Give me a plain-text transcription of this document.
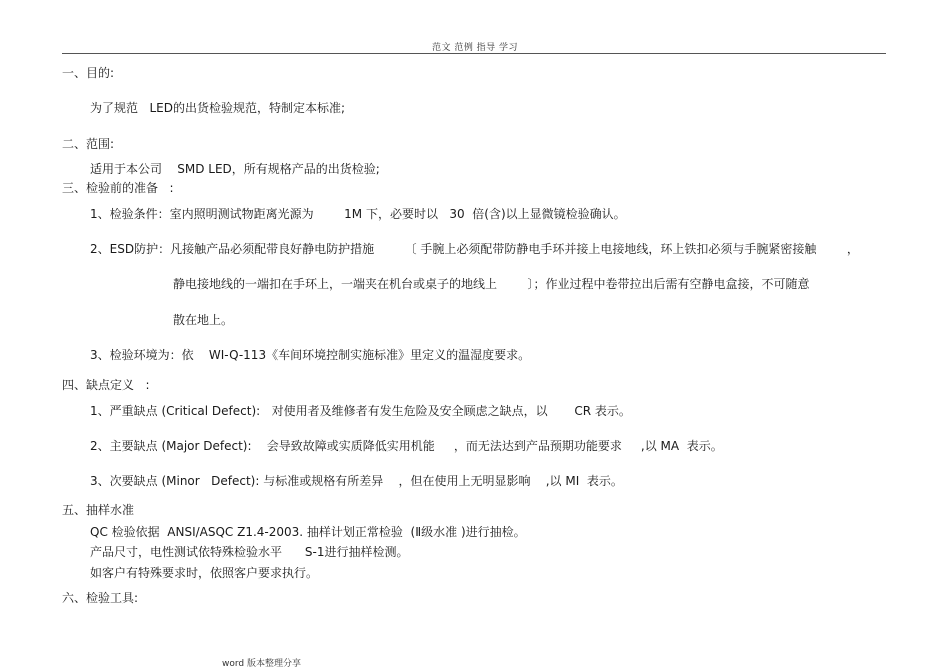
范文 范例 指导 学习
一、目的:
为了规范   LED的出货检验规范，特制定本标准;
二、范围:
适用于本公司    SMD LED，所有规格产品的出货检验;
三、检验前的准备   :
1、检验条件：室内照明测试物距离光源为        1M 下，必要时以   30  倍(含)以上显微镜检验确认。
2、ESD防护：凡接触产品必须配带良好静电防护措施        〔 手腕上必须配带防静电手环并接上电接地线，环上铁扣必须与手腕紧密接触        ，
静电接地线的一端扣在手环上，一端夹在机台或桌子的地线上        〕；作业过程中卷带拉出后需有空静电盒接，不可随意
散在地上。
3、检验环境为：依    WI-Q-113《车间环境控制实施标准》里定义的温湿度要求。
四、缺点定义   :
1、严重缺点 (Critical Defect):   对使用者及维修者有发生危险及安全顾虑之缺点，以       CR 表示。
2、主要缺点 (Major Defect):    会导致故障或实质降低实用机能     ，而无法达到产品预期功能要求     ,以 MA  表示。
3、次要缺点 (Minor   Defect): 与标准或规格有所差异    ，但在使用上无明显影响    ,以 MI  表示。
五、抽样水准
QC 检验依据  ANSI/ASQC Z1.4-2003. 抽样计划正常检验  (Ⅱ级水准 )进行抽检。
产品尺寸，电性测试依特殊检验水平      S-1进行抽样检测。
如客户有特殊要求时，依照客户要求执行。
六、检验工具:
word 版本整理分享
